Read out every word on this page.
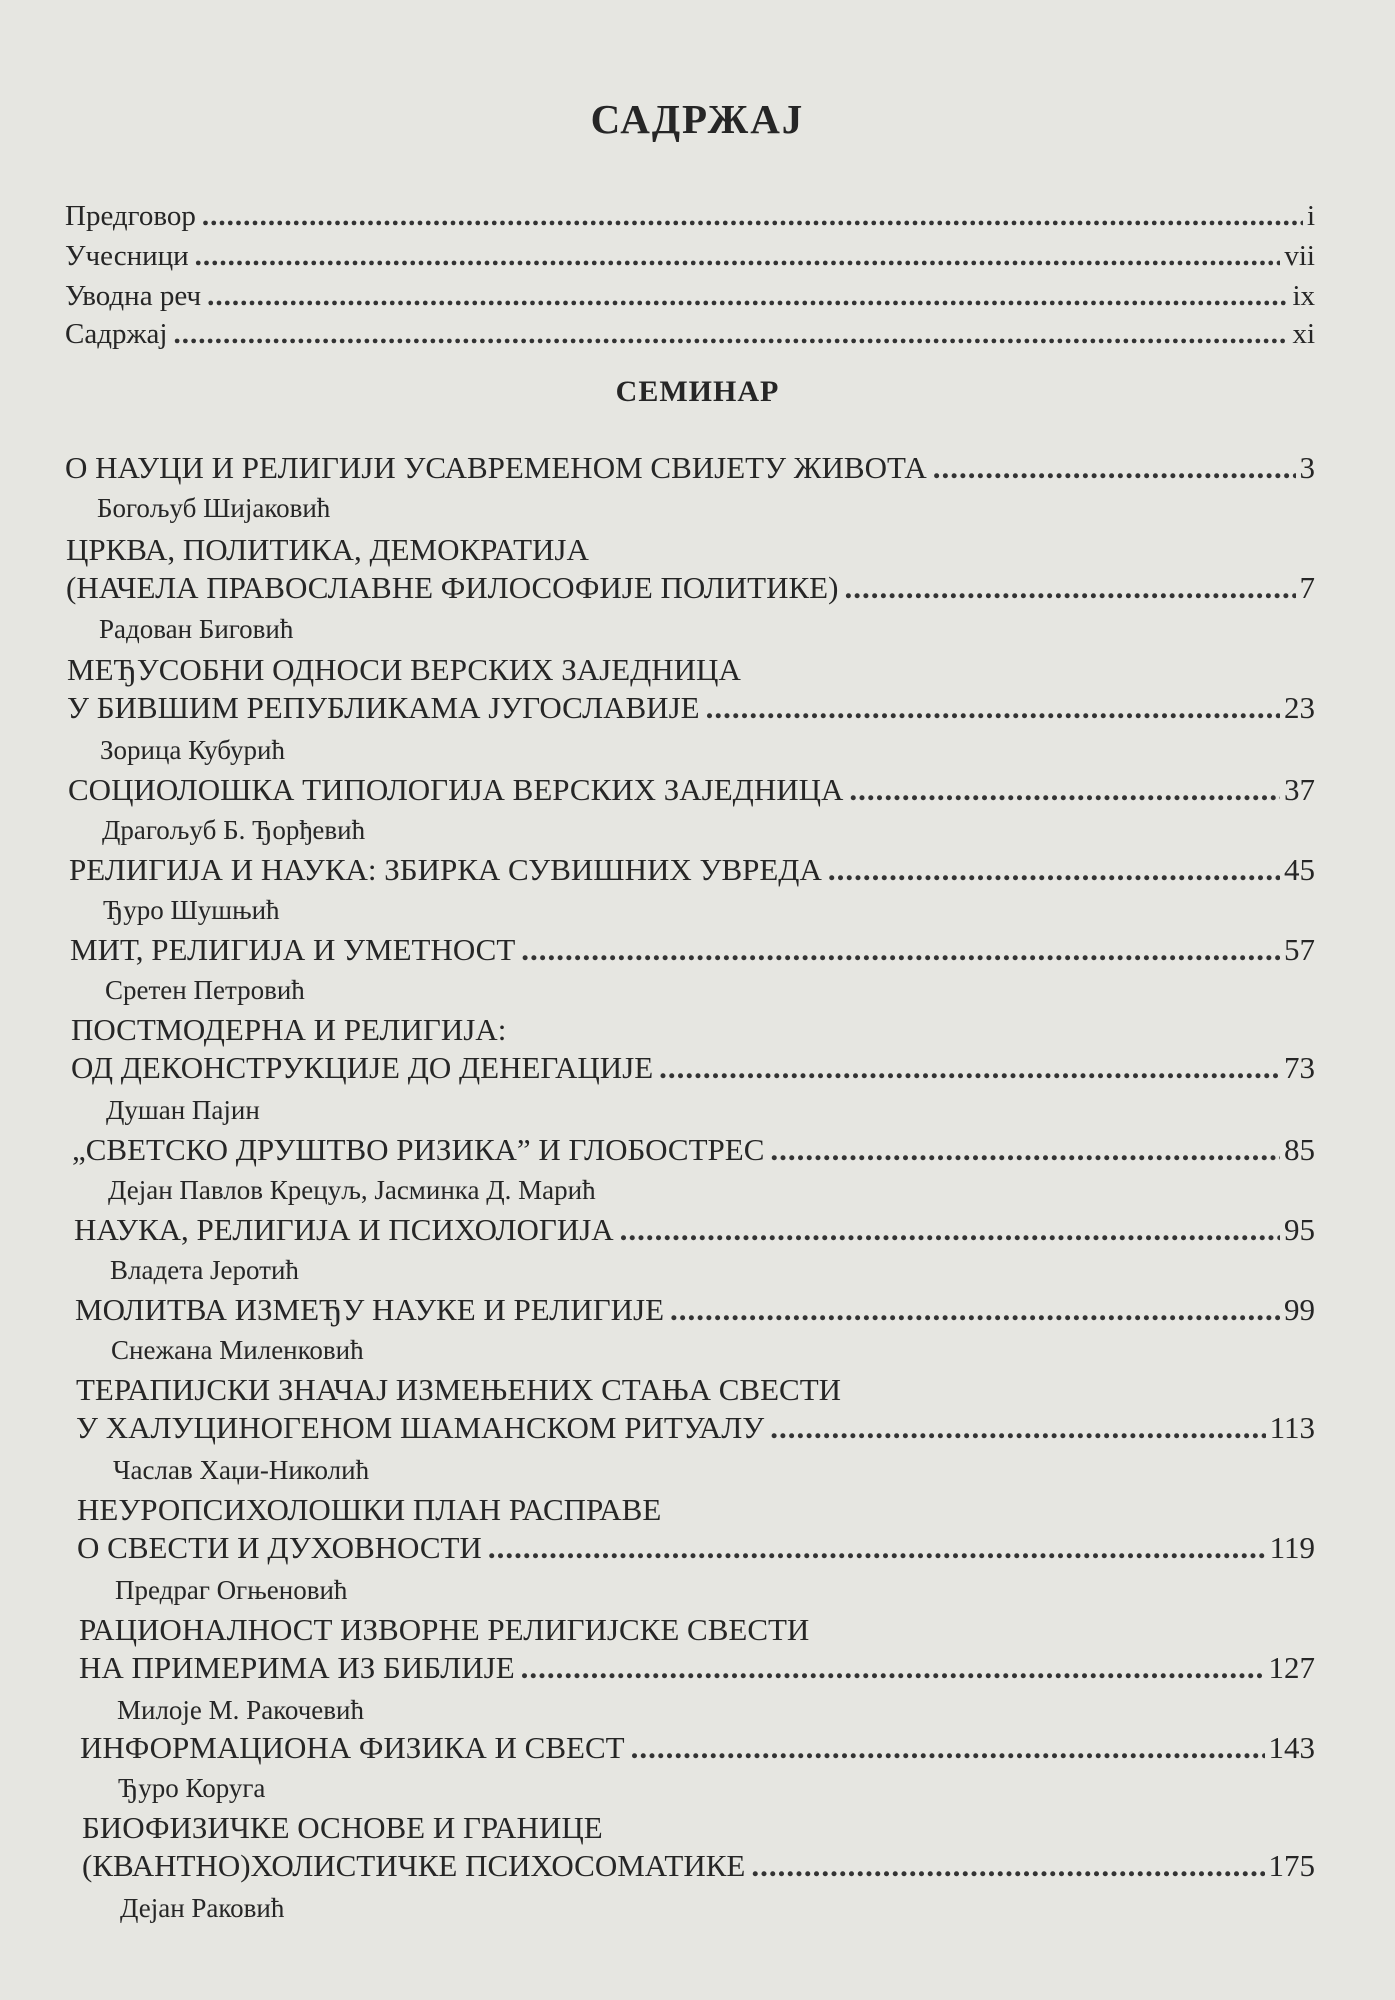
САДРЖАЈ
Предговор .....	i
Учесници .....	vii
Уводна реч .....	ix
Садржај .....	xi
СЕМИНАР
О НАУЦИ И РЕЛИГИЈИ УСАВРЕМЕНОМ СВИЈЕТУ ЖИВОТА .....	3
Богољуб Шијаковић
ЦРКВА, ПОЛИТИКА, ДЕМОКРАТИЈА
(НАЧЕЛА ПРАВОСЛАВНЕ ФИЛОСОФИЈЕ ПОЛИТИКЕ) .....	7
Радован Биговић
МЕЂУСОБНИ ОДНОСИ ВЕРСКИХ ЗАЈЕДНИЦА
У БИВШИМ РЕПУБЛИКАМА ЈУГОСЛАВИЈЕ .....	23
Зорица Кубурић
СОЦИОЛОШКА ТИПОЛОГИЈА ВЕРСКИХ ЗАЈЕДНИЦА .....	37
Драгољуб Б. Ђорђевић
РЕЛИГИЈА И НАУКА: ЗБИРКА СУВИШНИХ УВРЕДА .....	45
Ђуро Шушњић
МИТ, РЕЛИГИЈА И УМЕТНОСТ .....	57
Сретен Петровић
ПОСТМОДЕРНА И РЕЛИГИЈА:
ОД ДЕКОНСТРУКЦИЈЕ ДО ДЕНЕГАЦИЈЕ .....	73
Душан Пајин
„СВЕТСКО ДРУШТВО РИЗИКА” И ГЛОБОСТРЕС .....	85
Дејан Павлов Крецуљ, Јасминка Д. Марић
НАУКА, РЕЛИГИЈА И ПСИХОЛОГИЈА .....	95
Владета Јеротић
МОЛИТВА ИЗМЕЂУ НАУКЕ И РЕЛИГИЈЕ .....	99
Снежана Миленковић
ТЕРАПИЈСКИ ЗНАЧАЈ ИЗМЕЊЕНИХ СТАЊА СВЕСТИ
У ХАЛУЦИНОГЕНОМ ШАМАНСКОМ РИТУАЛУ .....	113
Часлав Хаџи-Николић
НЕУРОПСИХОЛОШКИ ПЛАН РАСПРАВЕ
О СВЕСТИ И ДУХОВНОСТИ .....	119
Предраг Огњеновић
РАЦИОНАЛНОСТ ИЗВОРНЕ РЕЛИГИЈСКЕ СВЕСТИ
НА ПРИМЕРИМА ИЗ БИБЛИЈЕ .....	127
Милоје М. Ракочевић
ИНФОРМАЦИОНА ФИЗИКА И СВЕСТ .....	143
Ђуро Коруга
БИОФИЗИЧКЕ ОСНОВЕ И ГРАНИЦЕ
(КВАНТНО)ХОЛИСТИЧКЕ ПСИХОСОМАТИКЕ .....	175
Дејан Раковић
